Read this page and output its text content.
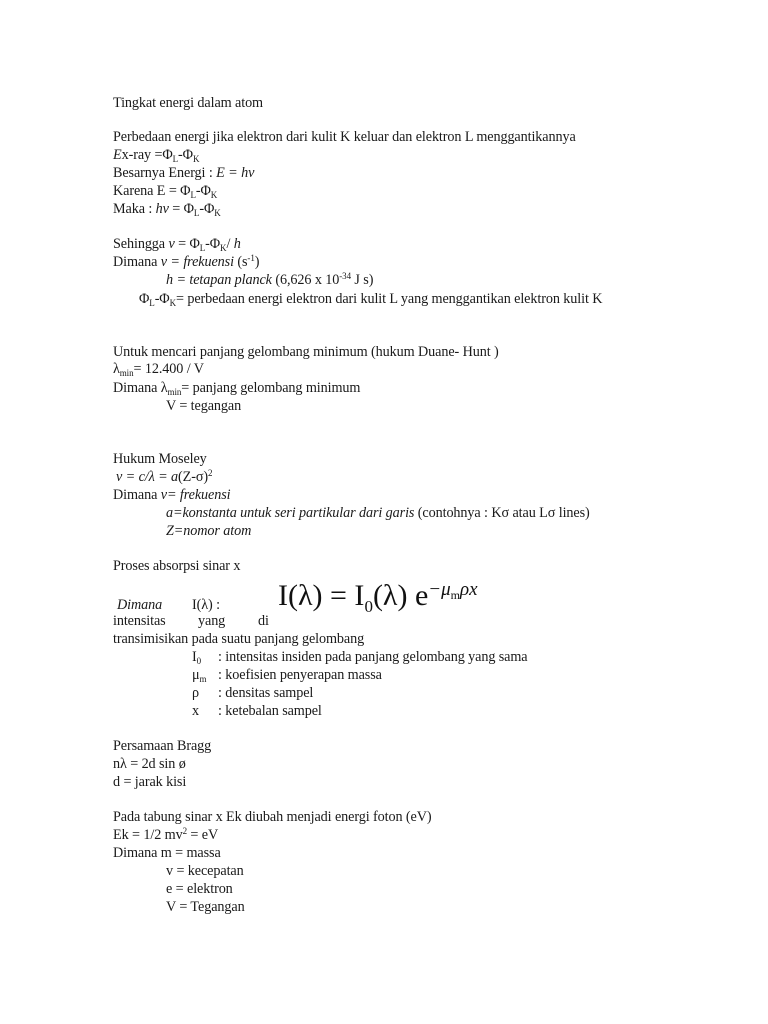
Tingkat energi dalam atom
Perbedaan energi jika elektron dari kulit K keluar dan elektron L menggantikannya
$Ex-ray =\Phi_L-\Phi_K$
Besarnya Energi : E = hv
Karena $E = \Phi_L-\Phi_K$
Maka : hv = $\Phi_L-\Phi_K$
Sehingga $v = \Phi_L-\Phi_K/$ h
Dimana v = frekuensi $(s^{-1})$
h = tetapan planck (6,626 x $10^{-34}$ J s)
$\Phi_L-\Phi_K=$ perbedaan energi elektron dari kulit L yang menggantikan elektron kulit K
Untuk mencari panjang gelombang minimum (hukum Duane- Hunt )
$\lambda_{min}= 12.400 / V$
Dimana $\lambda_{min}=$ panjang gelombang minimum
V = tegangan
Hukum Moseley
$v = c/\lambda = a(Z-\sigma)^2$
Dimana v= frekuensi
a=konstanta untuk seri partikular dari garis (contohnya : Kσ atau Lσ lines)
Z=nomor atom
Proses absorpsi sinar x
$I(\lambda) = I_0(\lambda)$ $e^{-\mu}m\rho x$
Dimana I(λ) :
intensitas yang di
transimisikan pada suatu panjang gelombang
$I_0$ : intensitas insiden pada panjang gelombang yang sama
$\mu_m$ : koefisien penyerapan massa
ρ : densitas sampel
x : ketebalan sampel
Persamaan Bragg
nλ = 2d sin ø
d = jarak kisi
Pada tabung sinar x Ek diubah menjadi energi foton (eV)
Ek = 1/2 $mv^2$ = eV
Dimana m = massa
v = kecepatan
e = elektron
V = Tegangan
